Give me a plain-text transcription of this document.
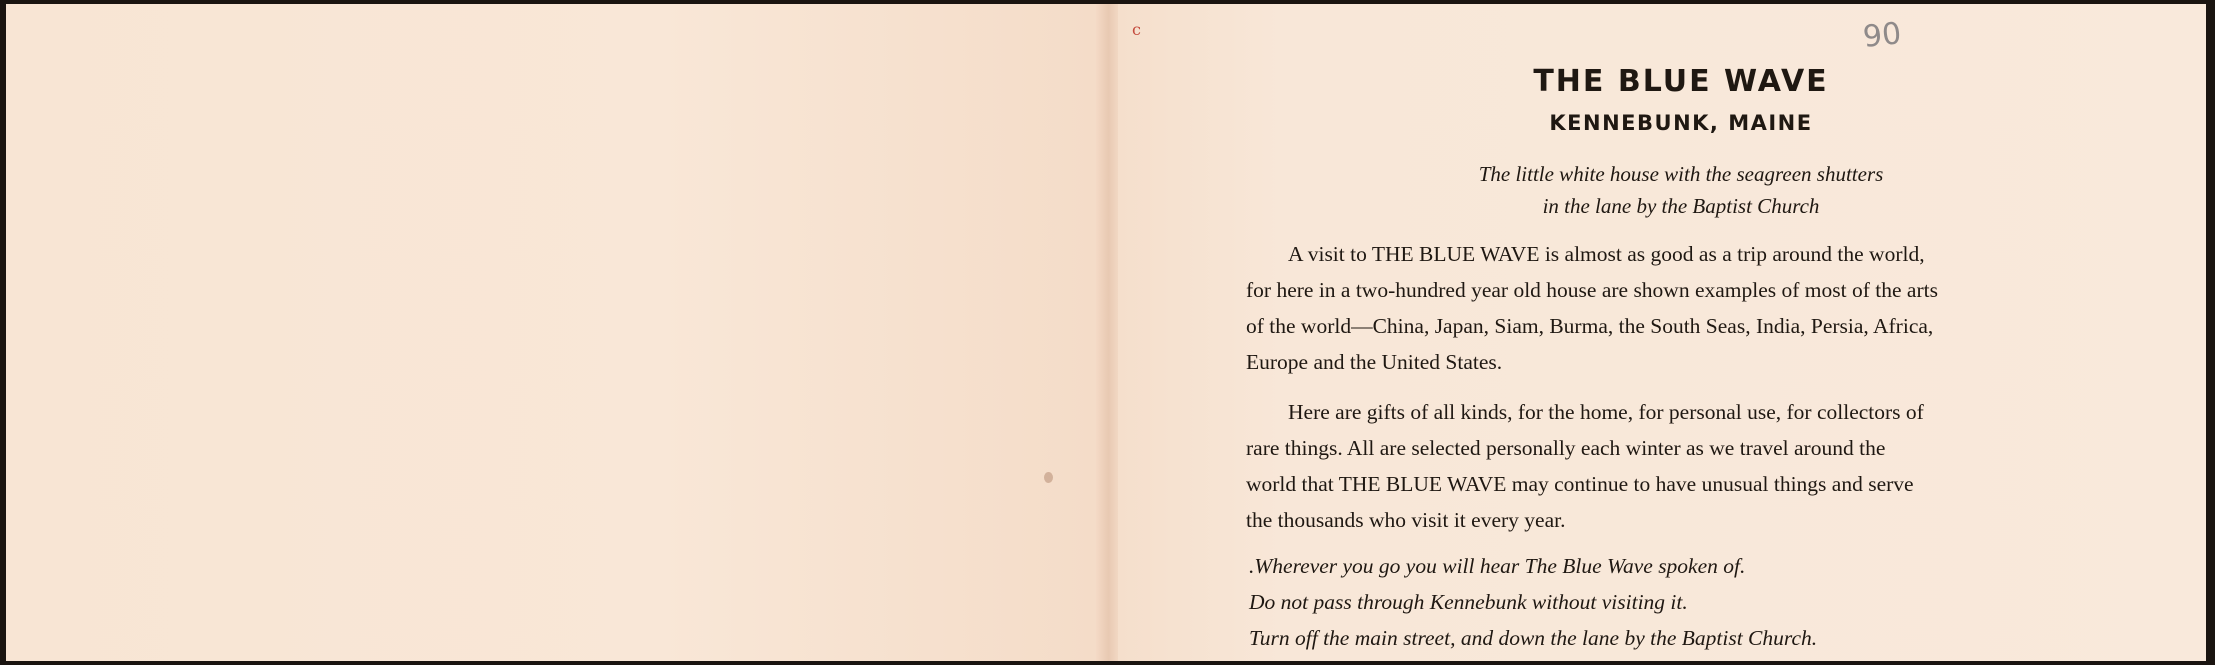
c	90
THE BLUE WAVE
KENNEBUNK, MAINE
The little white house with the seagreen shutters
in the lane by the Baptist Church
A visit to THE BLUE WAVE is almost as good as a trip around the world,
for here in a two-hundred year old house are shown examples of most of the arts
of the world—China, Japan, Siam, Burma, the South Seas, India, Persia, Africa,
Europe and the United States.
Here are gifts of all kinds, for the home, for personal use, for collectors of
rare things. All are selected personally each winter as we travel around the
world that THE BLUE WAVE may continue to have unusual things and serve
the thousands who visit it every year.
.Wherever you go you will hear The Blue Wave spoken of.
Do not pass through Kennebunk without visiting it.
Turn off the main street, and down the lane by the Baptist Church.
